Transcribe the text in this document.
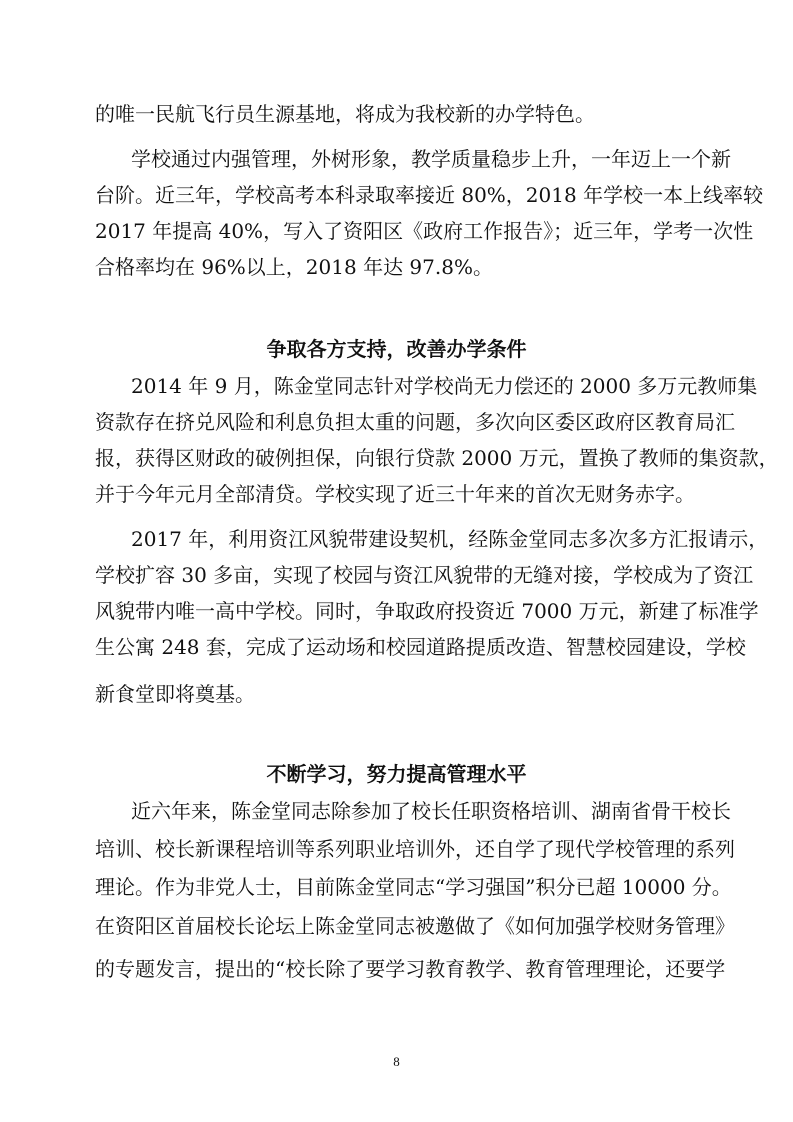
的唯一民航飞行员生源基地，将成为我校新的办学特色。
学校通过内强管理，外树形象，教学质量稳步上升，一年迈上一个新
台阶。近三年，学校高考本科录取率接近 80%，2018 年学校一本上线率较
2017 年提高 40%，写入了资阳区《政府工作报告》；近三年，学考一次性
合格率均在 96%以上，2018 年达 97.8%。
争取各方支持，改善办学条件
2014 年 9 月，陈金堂同志针对学校尚无力偿还的 2000 多万元教师集
资款存在挤兑风险和利息负担太重的问题，多次向区委区政府区教育局汇
报，获得区财政的破例担保，向银行贷款 2000 万元，置换了教师的集资款，
并于今年元月全部清贷。学校实现了近三十年来的首次无财务赤字。
2017 年，利用资江风貌带建设契机，经陈金堂同志多次多方汇报请示，
学校扩容 30 多亩，实现了校园与资江风貌带的无缝对接，学校成为了资江
风貌带内唯一高中学校。同时，争取政府投资近 7000 万元，新建了标准学
生公寓 248 套，完成了运动场和校园道路提质改造、智慧校园建设，学校
新食堂即将奠基。
不断学习，努力提高管理水平
近六年来，陈金堂同志除参加了校长任职资格培训、湖南省骨干校长
培训、校长新课程培训等系列职业培训外，还自学了现代学校管理的系列
理论。作为非党人士，目前陈金堂同志“学习强国”积分已超 10000 分。
在资阳区首届校长论坛上陈金堂同志被邀做了《如何加强学校财务管理》
的专题发言，提出的“校长除了要学习教育教学、教育管理理论，还要学
8
